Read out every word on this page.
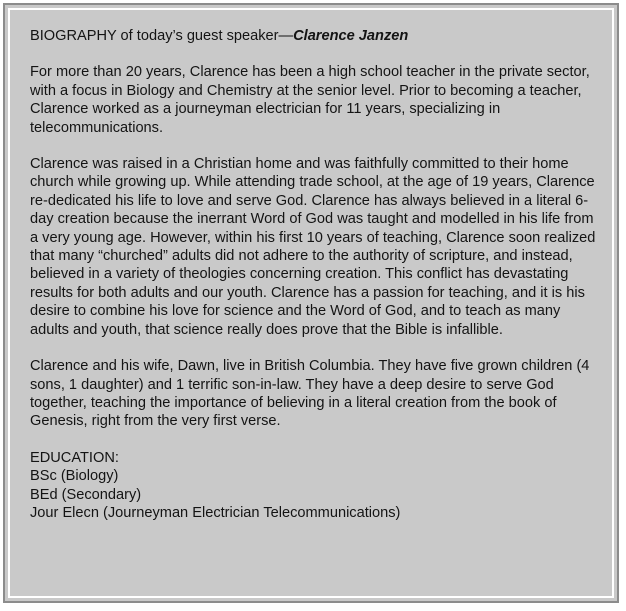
BIOGRAPHY of today’s guest speaker—Clarence Janzen

For more than 20 years, Clarence has been a high school teacher in the private sector, with a focus in Biology and Chemistry at the senior level. Prior to becoming a teacher, Clarence worked as a journeyman electrician for 11 years, specializing in telecommunications.

Clarence was raised in a Christian home and was faithfully committed to their home church while growing up. While attending trade school, at the age of 19 years, Clarence re-dedicated his life to love and serve God. Clarence has always believed in a literal 6-day creation because the inerrant Word of God was taught and modelled in his life from a very young age. However, within his first 10 years of teaching, Clarence soon realized that many “churched” adults did not adhere to the authority of scripture, and instead, believed in a variety of theologies concerning creation. This conflict has devastating results for both adults and our youth. Clarence has a passion for teaching, and it is his desire to combine his love for science and the Word of God, and to teach as many adults and youth, that science really does prove that the Bible is infallible.

Clarence and his wife, Dawn, live in British Columbia. They have five grown children (4 sons, 1 daughter) and 1 terrific son-in-law. They have a deep desire to serve God together, teaching the importance of believing in a literal creation from the book of Genesis, right from the very first verse.

EDUCATION:
BSc (Biology)
BEd (Secondary)
Jour Elecn (Journeyman Electrician Telecommunications)
